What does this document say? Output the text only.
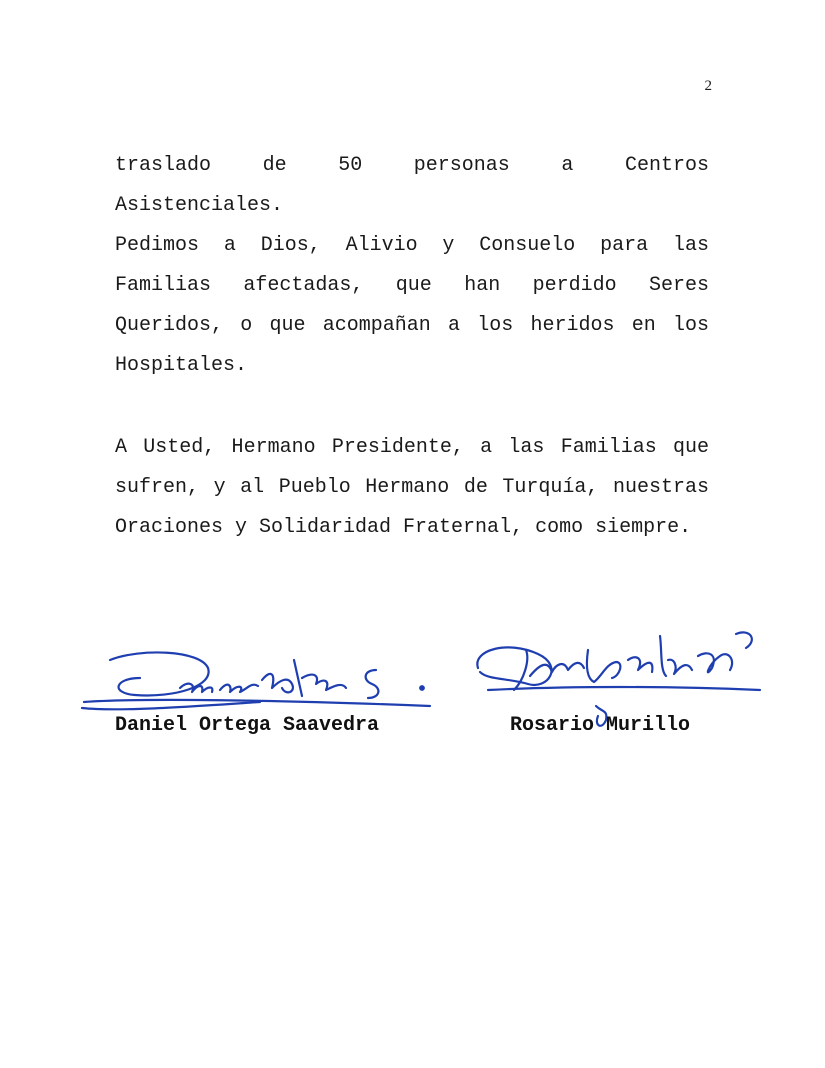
2
traslado de 50 personas a Centros
Asistenciales.

Pedimos a Dios, Alivio y Consuelo para las Familias afectadas, que han perdido Seres Queridos, o que acompañan a los heridos en los Hospitales.

A Usted, Hermano Presidente, a las Familias que sufren, y al Pueblo Hermano de Turquía, nuestras Oraciones y Solidaridad Fraternal, como siempre.

Daniel Ortega Saavedra	Rosario Murillo
